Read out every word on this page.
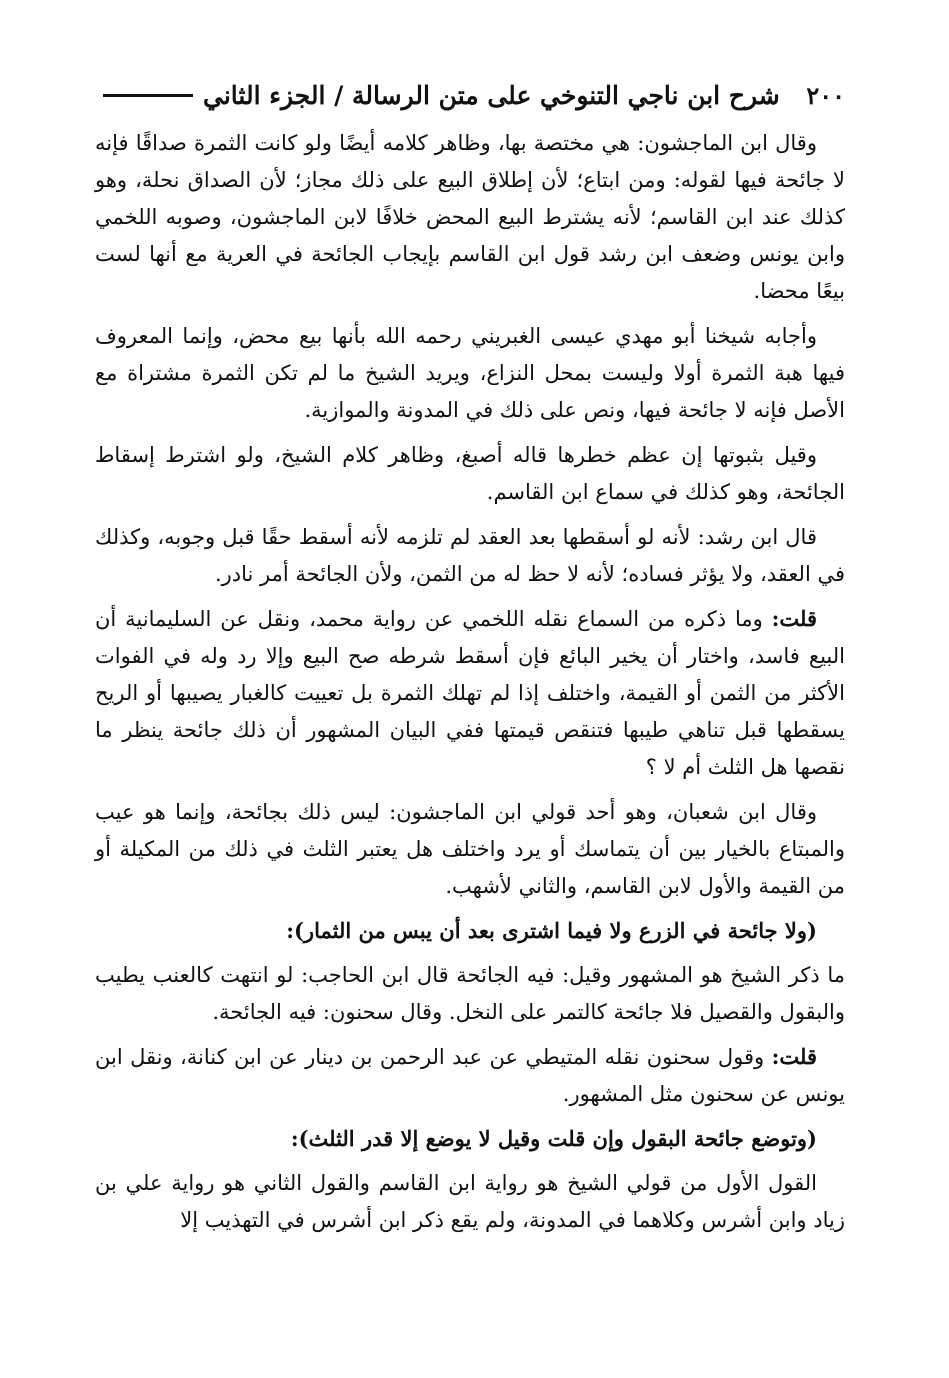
٢٠٠
شرح ابن ناجي التنوخي على متن الرسالة / الجزء الثاني

وقال ابن الماجشون: هي مختصة بها، وظاهر كلامه أيضًا ولو كانت الثمرة صداقًا فإنه لا جائحة فيها لقوله: ومن ابتاع؛ لأن إطلاق البيع على ذلك مجاز؛ لأن الصداق نحلة، وهو كذلك عند ابن القاسم؛ لأنه يشترط البيع المحض خلافًا لابن الماجشون، وصوبه اللخمي وابن يونس وضعف ابن رشد قول ابن القاسم بإيجاب الجائحة في العرية مع أنها لست بيعًا محضا.

وأجابه شيخنا أبو مهدي عيسى الغبريني رحمه الله بأنها بيع محض، وإنما المعروف فيها هبة الثمرة أولا وليست بمحل النزاع، ويريد الشيخ ما لم تكن الثمرة مشتراة مع الأصل فإنه لا جائحة فيها، ونص على ذلك في المدونة والموازية.

وقيل بثبوتها إن عظم خطرها قاله أصبغ، وظاهر كلام الشيخ، ولو اشترط إسقاط الجائحة، وهو كذلك في سماع ابن القاسم.

قال ابن رشد: لأنه لو أسقطها بعد العقد لم تلزمه لأنه أسقط حقًا قبل وجوبه، وكذلك في العقد، ولا يؤثر فساده؛ لأنه لا حظ له من الثمن، ولأن الجائحة أمر نادر.

قلت: وما ذكره من السماع نقله اللخمي عن رواية محمد، ونقل عن السليمانية أن البيع فاسد، واختار أن يخير البائع فإن أسقط شرطه صح البيع وإلا رد وله في الفوات الأكثر من الثمن أو القيمة، واختلف إذا لم تهلك الثمرة بل تعييت كالغبار يصيبها أو الريح يسقطها قبل تناهي طيبها فتنقص قيمتها ففي البيان المشهور أن ذلك جائحة ينظر ما نقصها هل الثلث أم لا ؟

وقال ابن شعبان، وهو أحد قولي ابن الماجشون: ليس ذلك بجائحة، وإنما هو عيب والمبتاع بالخيار بين أن يتماسك أو يرد واختلف هل يعتبر الثلث في ذلك من المكيلة أو من القيمة والأول لابن القاسم، والثاني لأشهب.

(ولا جائحة في الزرع ولا فيما اشترى بعد أن يبس من الثمار):

ما ذكر الشيخ هو المشهور وقيل: فيه الجائحة قال ابن الحاجب: لو انتهت كالعنب يطيب والبقول والقصيل فلا جائحة كالتمر على النخل. وقال سحنون: فيه الجائحة.

قلت: وقول سحنون نقله المتيطي عن عبد الرحمن بن دينار عن ابن كنانة، ونقل ابن يونس عن سحنون مثل المشهور.

(وتوضع جائحة البقول وإن قلت وقيل لا يوضع إلا قدر الثلث):

القول الأول من قولي الشيخ هو رواية ابن القاسم والقول الثاني هو رواية علي بن زياد وابن أشرس وكلاهما في المدونة، ولم يقع ذكر ابن أشرس في التهذيب إلا
